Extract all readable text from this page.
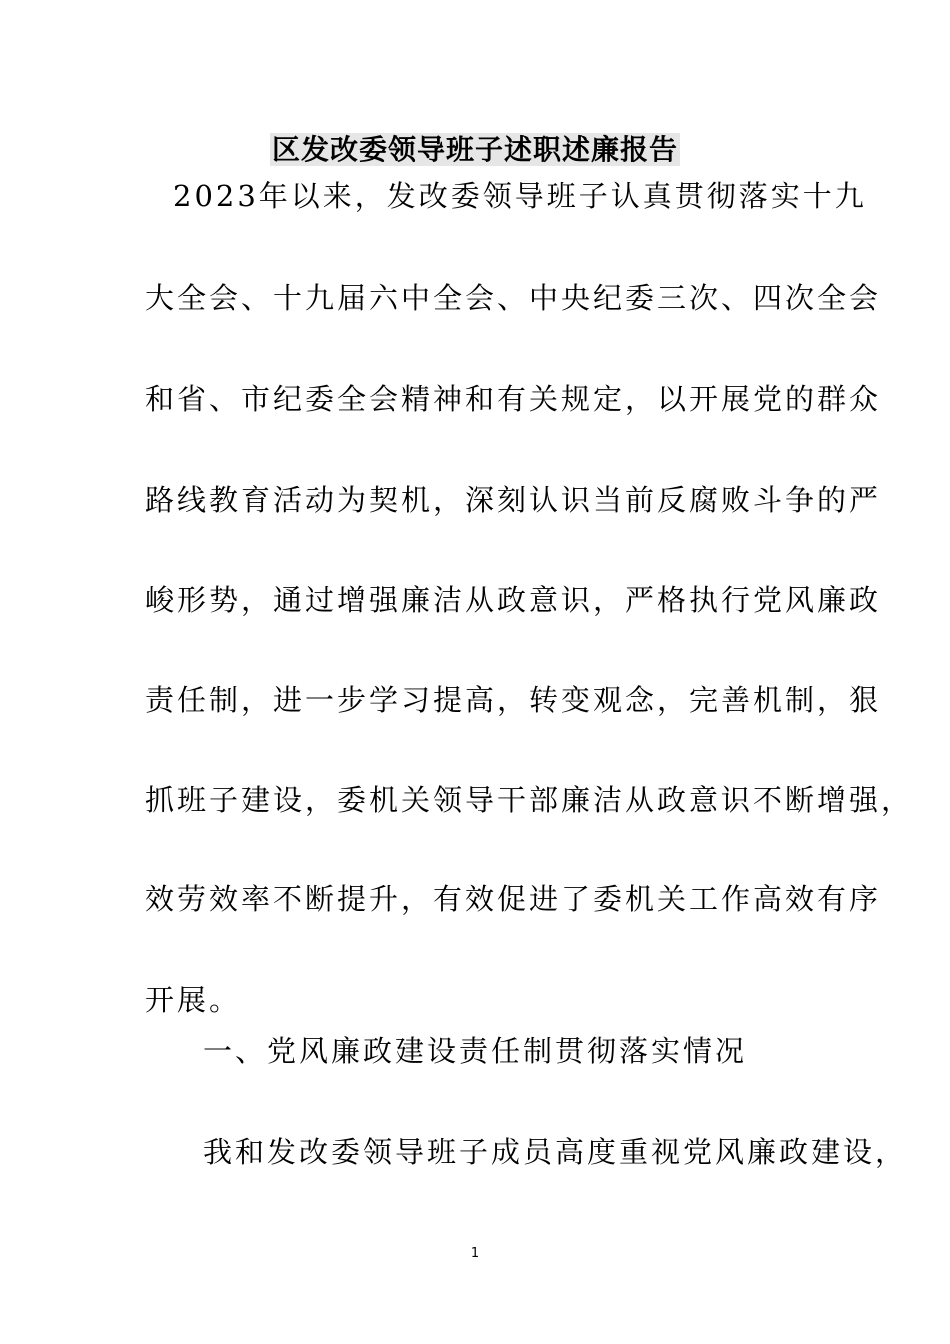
区发改委领导班子述职述廉报告
2023年以来，发改委领导班子认真贯彻落实十九
大全会、十九届六中全会、中央纪委三次、四次全会
和省、市纪委全会精神和有关规定，以开展党的群众
路线教育活动为契机，深刻认识当前反腐败斗争的严
峻形势，通过增强廉洁从政意识，严格执行党风廉政
责任制，进一步学习提高，转变观念，完善机制，狠
抓班子建设，委机关领导干部廉洁从政意识不断增强，
效劳效率不断提升，有效促进了委机关工作高效有序
开展。
一、党风廉政建设责任制贯彻落实情况
我和发改委领导班子成员高度重视党风廉政建设，
1
